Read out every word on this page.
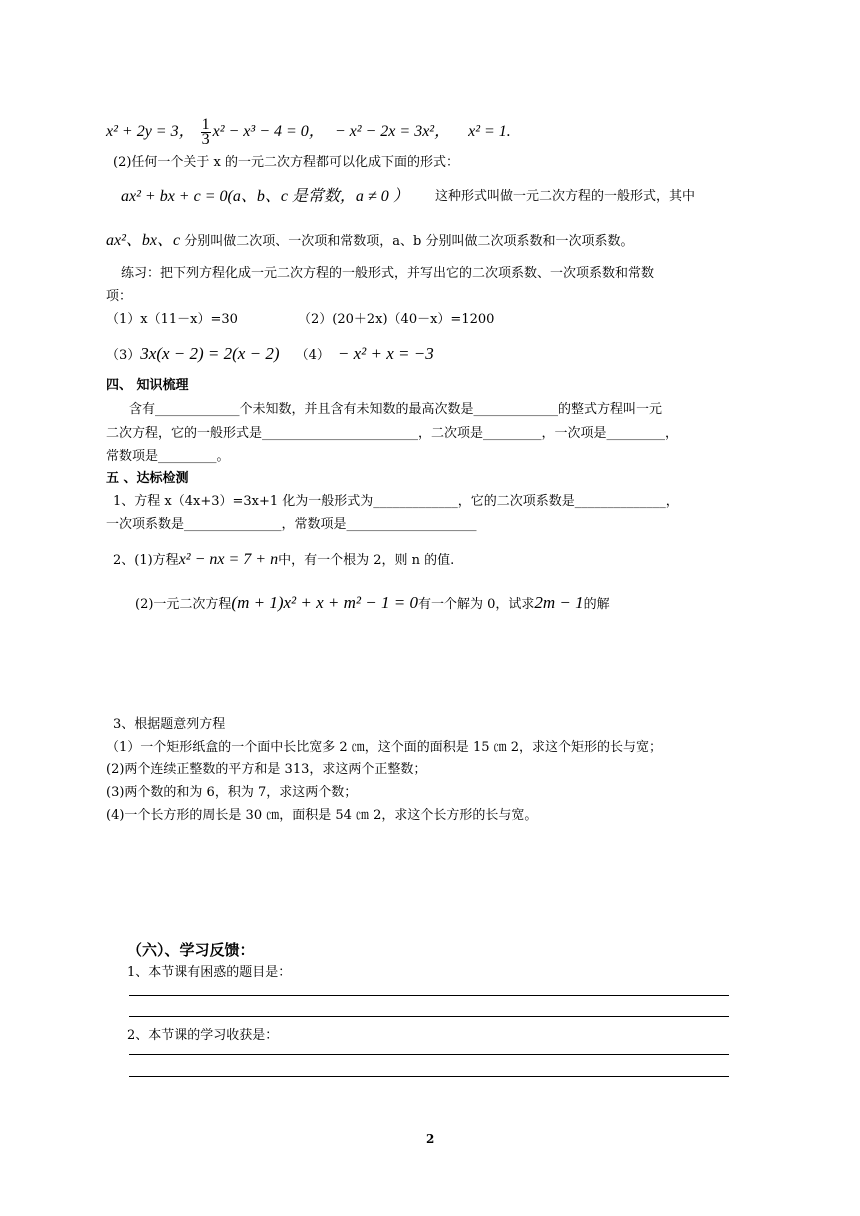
x² + 2y = 3， $\frac{1}{3} x^2 - x^3 - 4 = 0$， − x² − 2x = 3x²， x² = 1.
(2)任何一个关于 x 的一元二次方程都可以化成下面的形式：
ax² + bx + c = 0(a、b、c 是常数，a ≠ 0 ） 这种形式叫做一元二次方程的一般形式，其中
ax²、bx、c 分别叫做二次项、一次项和常数项，a、b 分别叫做二次项系数和一次项系数。
练习：把下列方程化成一元二次方程的一般形式，并写出它的二次项系数、一次项系数和常数
项：
（1）x（11－x）=30	（2）(20＋2x)（40－x）=1200
（3）3x(x − 2) = 2(x − 2) （4） − x² + x = −3
四、 知识梳理
含有_____________个未知数，并且含有未知数的最高次数是_____________的整式方程叫一元
二次方程，它的一般形式是________________________，二次项是_________，一次项是_________，
常数项是_________。
五 、达标检测
1、方程 x（4x+3）=3x+1 化为一般形式为_____________，它的二次项系数是______________，
一次项系数是_______________，常数项是____________________
2、(1)方程x² − nx = 7 + n中，有一个根为 2，则 n 的值.
(2)一元二次方程(m + 1)x² + x + m² − 1 = 0有一个解为 0，试求2m − 1的解
3、根据题意列方程
（1）一个矩形纸盒的一个面中长比宽多 2 ㎝，这个面的面积是 15 ㎝ 2，求这个矩形的长与宽；
(2)两个连续正整数的平方和是 313，求这两个正整数；
(3)两个数的和为 6，积为 7，求这两个数；
(4)一个长方形的周长是 30 ㎝，面积是 54 ㎝ 2，求这个长方形的长与宽。
（六）、学习反馈：
1、本节课有困惑的题目是：
2、本节课的学习收获是：
2
